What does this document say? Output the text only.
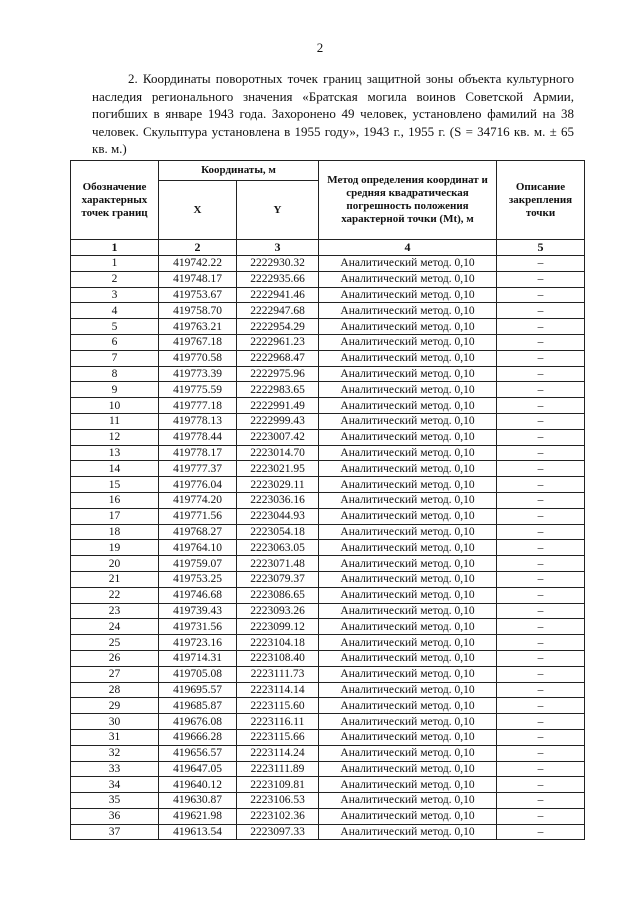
2

2. Координаты поворотных точек границ защитной зоны объекта культурного наследия регионального значения «Братская могила воинов Советской Армии, погибших в январе 1943 года. Захоронено 49 человек, установлено фамилий на 38 человек. Скульптура установлена в 1955 году», 1943 г., 1955 г. (S = 34716 кв. м. ± 65 кв. м.)

Обозначение характерных точек границ	Координаты, м		Метод определения координат и средняя квадратическая погрешность положения характерной точки (Mt), м	Описание закрепления точки
	X	Y		
1	2	3	4	5
1	419742.22	2222930.32	Аналитический метод. 0,10	–
2	419748.17	2222935.66	Аналитический метод. 0,10	–
3	419753.67	2222941.46	Аналитический метод. 0,10	–
4	419758.70	2222947.68	Аналитический метод. 0,10	–
5	419763.21	2222954.29	Аналитический метод. 0,10	–
6	419767.18	2222961.23	Аналитический метод. 0,10	–
7	419770.58	2222968.47	Аналитический метод. 0,10	–
8	419773.39	2222975.96	Аналитический метод. 0,10	–
9	419775.59	2222983.65	Аналитический метод. 0,10	–
10	419777.18	2222991.49	Аналитический метод. 0,10	–
11	419778.13	2222999.43	Аналитический метод. 0,10	–
12	419778.44	2223007.42	Аналитический метод. 0,10	–
13	419778.17	2223014.70	Аналитический метод. 0,10	–
14	419777.37	2223021.95	Аналитический метод. 0,10	–
15	419776.04	2223029.11	Аналитический метод. 0,10	–
16	419774.20	2223036.16	Аналитический метод. 0,10	–
17	419771.56	2223044.93	Аналитический метод. 0,10	–
18	419768.27	2223054.18	Аналитический метод. 0,10	–
19	419764.10	2223063.05	Аналитический метод. 0,10	–
20	419759.07	2223071.48	Аналитический метод. 0,10	–
21	419753.25	2223079.37	Аналитический метод. 0,10	–
22	419746.68	2223086.65	Аналитический метод. 0,10	–
23	419739.43	2223093.26	Аналитический метод. 0,10	–
24	419731.56	2223099.12	Аналитический метод. 0,10	–
25	419723.16	2223104.18	Аналитический метод. 0,10	–
26	419714.31	2223108.40	Аналитический метод. 0,10	–
27	419705.08	2223111.73	Аналитический метод. 0,10	–
28	419695.57	2223114.14	Аналитический метод. 0,10	–
29	419685.87	2223115.60	Аналитический метод. 0,10	–
30	419676.08	2223116.11	Аналитический метод. 0,10	–
31	419666.28	2223115.66	Аналитический метод. 0,10	–
32	419656.57	2223114.24	Аналитический метод. 0,10	–
33	419647.05	2223111.89	Аналитический метод. 0,10	–
34	419640.12	2223109.81	Аналитический метод. 0,10	–
35	419630.87	2223106.53	Аналитический метод. 0,10	–
36	419621.98	2223102.36	Аналитический метод. 0,10	–
37	419613.54	2223097.33	Аналитический метод. 0,10	–
